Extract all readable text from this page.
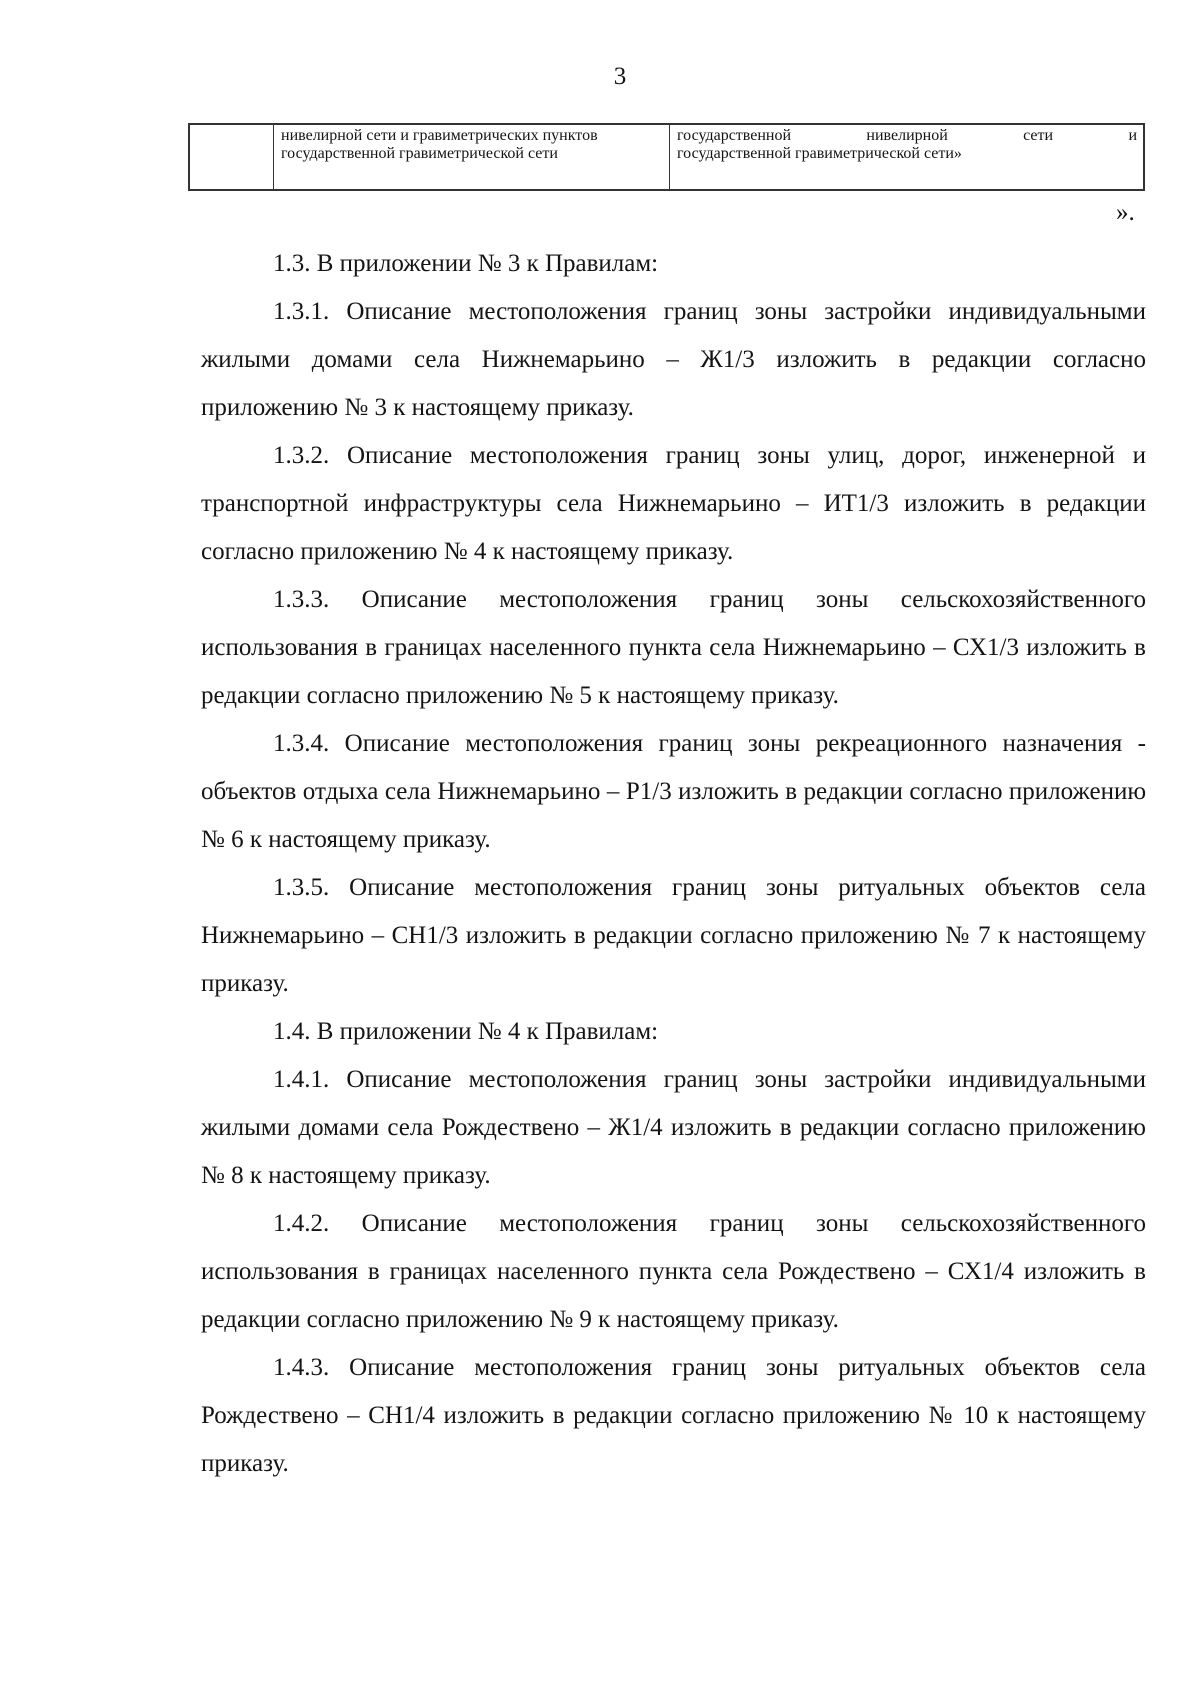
3
нивелирной сети и гравиметрических пунктов государственной гравиметрической сети
государственной нивелирной сети и
государственной гравиметрической сети»
».

1.3. В приложении № 3 к Правилам:

1.3.1. Описание местоположения границ зоны застройки индивидуальными жилыми домами села Нижнемарьино – Ж1/3 изложить в редакции согласно приложению № 3 к настоящему приказу.

1.3.2. Описание местоположения границ зоны улиц, дорог, инженерной и транспортной инфраструктуры села Нижнемарьино – ИТ1/3 изложить в редакции согласно приложению № 4 к настоящему приказу.

1.3.3. Описание местоположения границ зоны сельскохозяйственного использования в границах населенного пункта села Нижнемарьино – СХ1/3 изложить в редакции согласно приложению № 5 к настоящему приказу.

1.3.4. Описание местоположения границ зоны рекреационного назначения - объектов отдыха села Нижнемарьино – Р1/3 изложить в редакции согласно приложению № 6 к настоящему приказу.

1.3.5. Описание местоположения границ зоны ритуальных объектов села Нижнемарьино – СН1/3 изложить в редакции согласно приложению № 7 к настоящему приказу.

1.4. В приложении № 4 к Правилам:

1.4.1. Описание местоположения границ зоны застройки индивидуальными жилыми домами села Рождествено – Ж1/4 изложить в редакции согласно приложению № 8 к настоящему приказу.

1.4.2. Описание местоположения границ зоны сельскохозяйственного использования в границах населенного пункта села Рождествено – СХ1/4 изложить в редакции согласно приложению № 9 к настоящему приказу.

1.4.3. Описание местоположения границ зоны ритуальных объектов села Рождествено – СН1/4 изложить в редакции согласно приложению № 10 к настоящему приказу.
